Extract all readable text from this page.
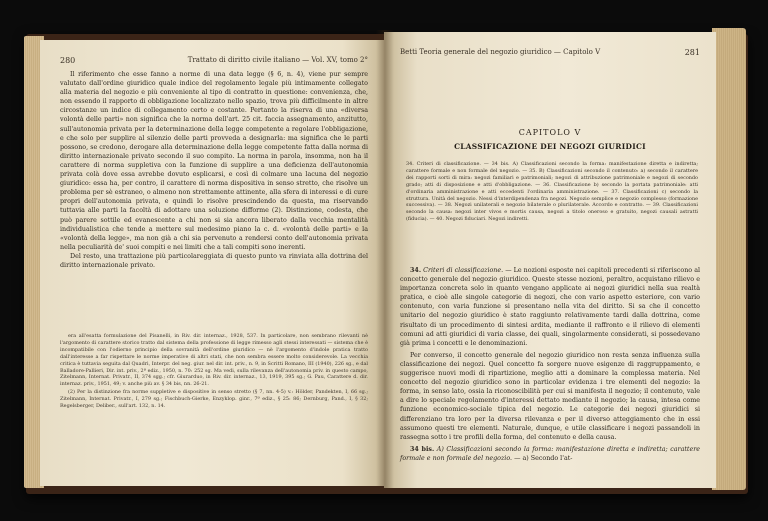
280	Trattato di diritto civile italiano — Vol. XV, tomo 2°

Il riferimento che esse fanno a norme di una data legge (§ 6, n. 4), viene pur sempre valutato dall'ordine giuridico quale indice del regolamento legale più intimamente collegato alla materia del negozio e più conveniente al tipo di contratto in questione: convenienza, che, non essendo il rapporto di obbligazione localizzato nello spazio, trova più difficilmente in altre circostanze un indice di collegamento certo e costante. Pertanto la riserva di una «diversa volontà delle parti» non significa che la norma dell'art. 25 cit. faccia assegnamento, anzitutto, sull'autonomia privata per la determinazione della legge competente a regolare l'obbligazione, e che solo per supplire al silenzio delle parti provveda a designarla: ma significa che le parti possono, se credono, derogare alla determinazione della legge competente fatta dalla norma di diritto internazionale privato secondo il suo compito. La norma in parola, insomma, non ha il carattere di norma suppletiva con la funzione di supplire a una deficienza dell'autonomia privata colà dove essa avrebbe dovuto esplicarsi, e così di colmare una lacuna del negozio giuridico: essa ha, per contro, il carattere di norma dispositiva in senso stretto, che risolve un problema per sè estraneo, o almeno non strettamente attinente, alla sfera di interessi e di cure propri dell'autonomia privata, e quindi lo risolve prescindendo da questa, ma riservando tuttavia alle parti la facoltà di adottare una soluzione difforme (2). Distinzione, codesta, che può parere sottile ed evanescente a chi non si sia ancora liberato dalla vecchia mentalità individualistica che tende a mettere sul medesimo piano la c. d. «volontà delle parti» e la «volontà della legge», ma non già a chi sia pervenuto a rendersi conto dell'autonomia privata nella peculiarità de' suoi compiti e nei limiti che a tali compiti sono inerenti.

Del resto, una trattazione più particolareggiata di questo punto va rinviata alla dottrina del diritto internazionale privato.

era all'esatta formulazione del Pisanelli, in Riv. dir. internaz., 1928, 537. In particolare, non sembrano rilevanti nè l'argomento di carattere storico tratto dal sistema della professione di legge rimesso agli stessi interessati — sistema che è incompatibile con l'odierno principio della sovranità dell'ordine giuridico — nè l'argomento d'indole pratica tratto dall'interesse a far rispettare le norme imperative di altri stati, che non sembra essere molto considerevole. La vecchia critica è tuttavia seguita dal Quadri, Interpr. del neg. giur. nel dir. int. priv., n. 9, in Scritti Romano, III (1940), 226 sg., e dal Balladore-Pallieri, Dir. int. priv., 2ª ediz., 1950, n. 70: 252 sg. Ma vedi, sulla rilevanza dell'autonomia priv. in questo campo, Zitelmann, Internat. Privatr., II, 374 sgg.; cfr. Giurarduo, in Riv. dir. internaz., 13, 1919, 395 sg.; G. Pau, Carattere d. dir. internaz. priv., 1951, 49; v. anche più av. § 34 bis, nn. 26-21.

(2) Per la distinzione fra norme suppletive e dispositive in senso stretto (§ 7, nn. 4-5) v.: Hölder, Pandekten, I, 66 sg.; Zitelmann, Internat. Privatr., I, 279 sg.; Fischbuch-Gierke, Enzyklop. ginr., 7ª ediz., § 25: 86; Dernburg, Pand., I, § 32; Regelsberger, Deliber., sull'art. 132, n. 14.

Betti Teoria generale del negozio giuridico — Capitolo V	281
CAPITOLO V
CLASSIFICAZIONE DEI NEGOZI GIURIDICI
34. Criteri di classificazione. — 34 bis. A) Classificazioni secondo la forma: manifestazione diretta e indiretta; carattere formale e non formale del negozio. — 35. B) Classificazioni secondo il contenuto: a) secondo il carattere dei rapporti sorti di mira: negozi familiari e patrimoniali; negozi di attribuzione patrimoniale e negozi di secondo grado; atti di disposizione e atti d'obbligazione. — 36. Classificazione b) secondo la portata patrimoniale: atti d'ordinaria amministrazione e atti eccedenti l'ordinaria amministrazione. — 37. Classificazioni c) secondo la struttura. Unità del negozio. Nessi d'interdipendenza fra negozi. Negozio semplice e negozio complesso (formazione successiva). — 38. Negozi unilaterali e negozio bilaterale o plurilaterale. Accordo e contratto. — 39. Classificazioni secondo la causa: negozi inter vivos e mortis causa, negozi a titolo oneroso e gratuito, negozi causali astratti (fiducia). — 40. Negozi fiduciari. Negozi indiretti.

34. Criteri di classificazione. — Le nozioni esposte nei capitoli precedenti si riferiscono al concetto generale del negozio giuridico. Queste stesse nozioni, peraltro, acquistano rilievo e importanza concreta solo in quanto vengano applicate ai negozi giuridici nella sua realtà pratica, e cioè alle singole categorie di negozi, che con vario aspetto esteriore, con vario contenuto, con varia funzione si presentano nella vita del diritto. Si sa che il concetto unitario del negozio giuridico è stato raggiunto relativamente tardi dalla dottrina, come risultato di un procedimento di sintesi ardita, mediante il raffronto e il rilievo di elementi comuni ad atti giuridici di varia classe, dei quali, singolarmente considerati, si possedevano già prima i concetti e le denominazioni.

Per converso, il concetto generale del negozio giuridico non resta senza influenza sulla classificazione dei negozi. Quel concetto fa sorgere nuove esigenze di raggruppamento, e suggerisce nuovi modi di ripartizione, meglio atti a dominare la complessa materia. Nel concetto del negozio giuridico sono in particolar evidenza i tre elementi del negozio: la forma, in senso lato, ossia la riconoscibilità per cui si manifesta il negozio; il contenuto, vale a dire lo speciale regolamento d'interessi dettato mediante il negozio; la causa, intesa come funzione economico-sociale tipica del negozio. Le categorie dei negozi giuridici si differenziano tra loro per la diversa rilevanza e per il diverso atteggiamento che in essi assumono questi tre elementi. Naturale, dunque, e utile classificare i negozi passandoli in rassegna sotto i tre profili della forma, del contenuto e della causa.

34 bis. A) Classificazioni secondo la forma: manifestazione diretta e indiretta; carattere formale e non formale del negozio. — a) Secondo l'at-
